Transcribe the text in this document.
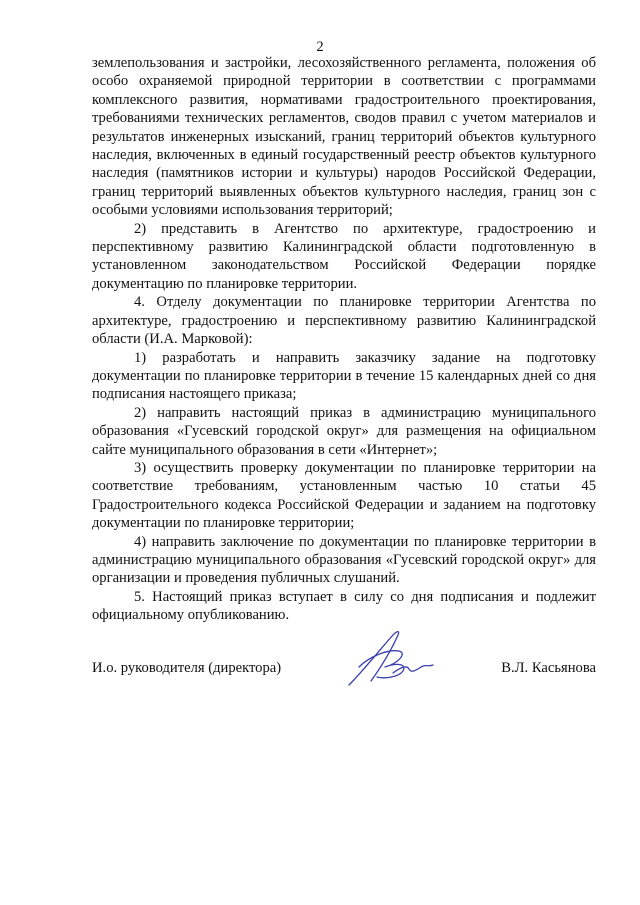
2

землепользования и застройки, лесохозяйственного регламента, положения об особо охраняемой природной территории в соответствии с программами комплексного развития, нормативами градостроительного проектирования, требованиями технических регламентов, сводов правил с учетом материалов и результатов инженерных изысканий, границ территорий объектов культурного наследия, включенных в единый государственный реестр объектов культурного наследия (памятников истории и культуры) народов Российской Федерации, границ территорий выявленных объектов культурного наследия, границ зон с особыми условиями использования территорий;

2) представить в Агентство по архитектуре, градостроению и перспективному развитию Калининградской области подготовленную в установленном законодательством Российской Федерации порядке документацию по планировке территории.

4. Отделу документации по планировке территории Агентства по архитектуре, градостроению и перспективному развитию Калининградской области (И.А. Марковой):

1) разработать и направить заказчику задание на подготовку документации по планировке территории в течение 15 календарных дней со дня подписания настоящего приказа;

2) направить настоящий приказ в администрацию муниципального образования «Гусевский городской округ» для размещения на официальном сайте муниципального образования в сети «Интернет»;

3) осуществить проверку документации по планировке территории на соответствие требованиям, установленным частью 10 статьи 45 Градостроительного кодекса Российской Федерации и заданием на подготовку документации по планировке территории;

4) направить заключение по документации по планировке территории в администрацию муниципального образования «Гусевский городской округ» для организации и проведения публичных слушаний.

5. Настоящий приказ вступает в силу со дня подписания и подлежит официальному опубликованию.

И.о. руководителя (директора)	В.Л. Касьянова
